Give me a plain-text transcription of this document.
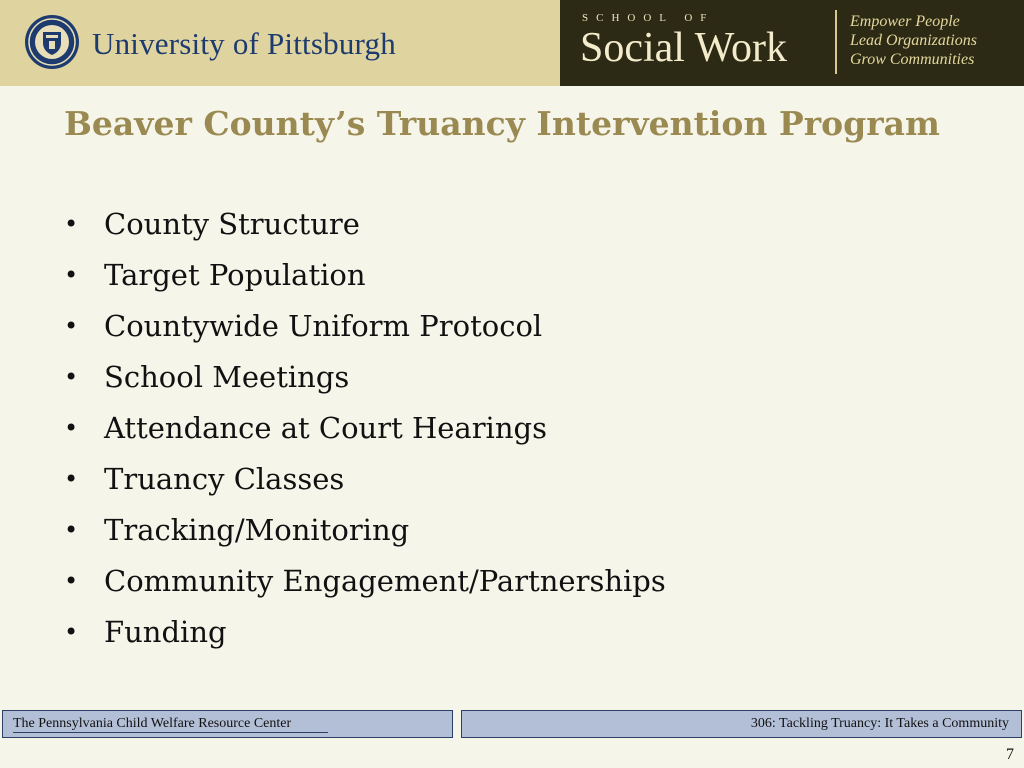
University of Pittsburgh
SCHOOL OF
Social Work
Empower People
Lead Organizations
Grow Communities
Beaver County’s Truancy Intervention Program
• County Structure
• Target Population
• Countywide Uniform Protocol
• School Meetings
• Attendance at Court Hearings
• Truancy Classes
• Tracking/Monitoring
• Community Engagement/Partnerships
• Funding
The Pennsylvania Child Welfare Resource Center	306: Tackling Truancy: It Takes a Community
7
